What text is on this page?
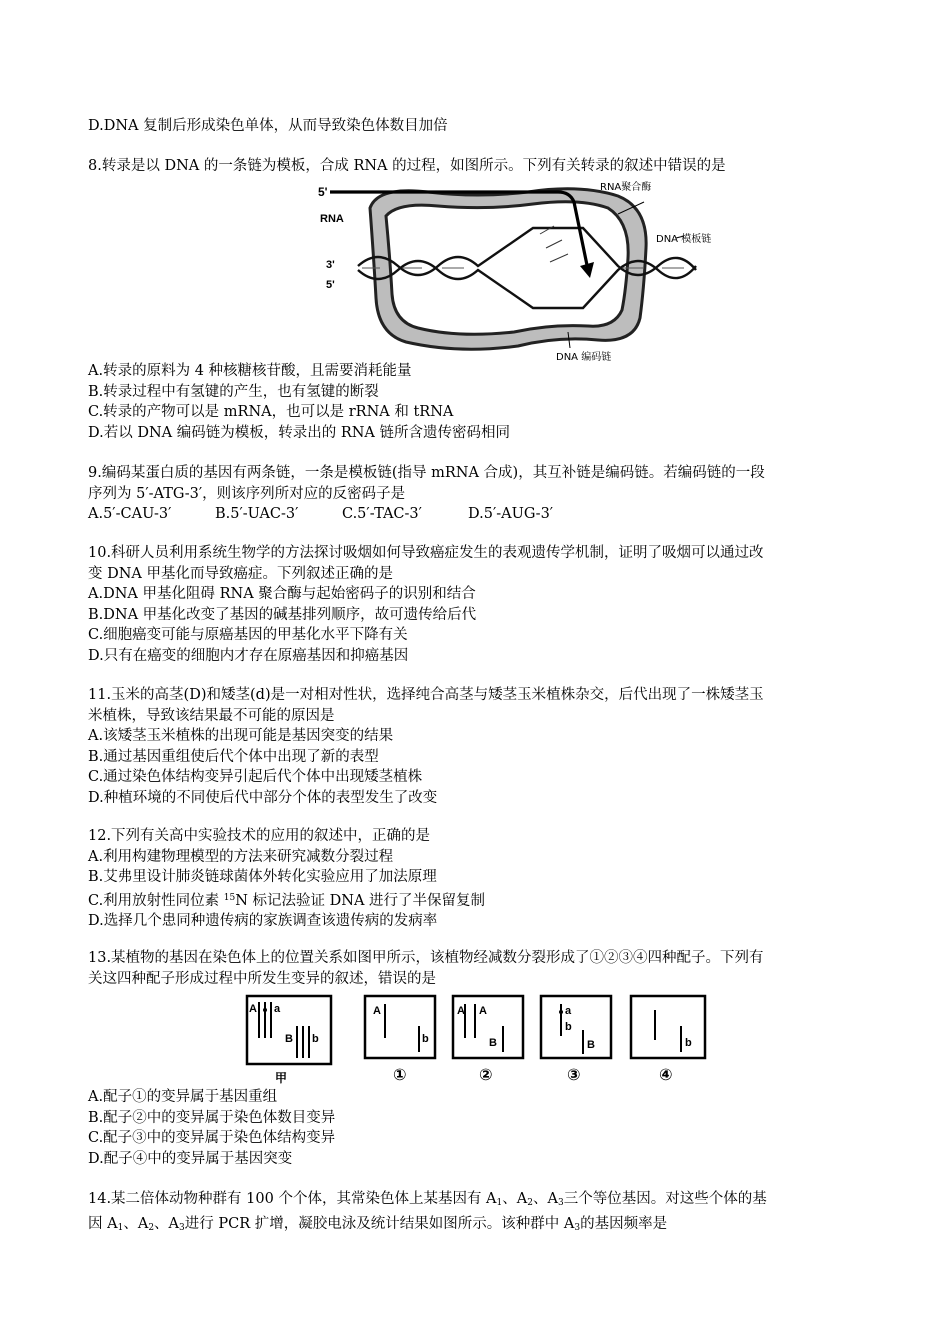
D.DNA 复制后形成染色单体，从而导致染色体数目加倍
8.转录是以 DNA 的一条链为模板，合成 RNA 的过程，如图所示。下列有关转录的叙述中错误的是
5'
RNA
3'
5'
RNA聚合酶
DNA 模板链
DNA 编码链
A.转录的原料为 4 种核糖核苷酸，且需要消耗能量
B.转录过程中有氢键的产生，也有氢键的断裂
C.转录的产物可以是 mRNA，也可以是 rRNA 和 tRNA
D.若以 DNA 编码链为模板，转录出的 RNA 链所含遗传密码相同
9.编码某蛋白质的基因有两条链，一条是模板链(指导 mRNA 合成)，其互补链是编码链。若编码链的一段
序列为 5′-ATG-3′，则该序列所对应的反密码子是
A.5′-CAU-3′	B.5′-UAC-3′	C.5′-TAC-3′	D.5′-AUG-3′
10.科研人员利用系统生物学的方法探讨吸烟如何导致癌症发生的表观遗传学机制，证明了吸烟可以通过改
变 DNA 甲基化而导致癌症。下列叙述正确的是
A.DNA 甲基化阻碍 RNA 聚合酶与起始密码子的识别和结合
B.DNA 甲基化改变了基因的碱基排列顺序，故可遗传给后代
C.细胞癌变可能与原癌基因的甲基化水平下降有关
D.只有在癌变的细胞内才存在原癌基因和抑癌基因
11.玉米的高茎(D)和矮茎(d)是一对相对性状，选择纯合高茎与矮茎玉米植株杂交，后代出现了一株矮茎玉
米植株，导致该结果最不可能的原因是
A.该矮茎玉米植株的出现可能是基因突变的结果
B.通过基因重组使后代个体中出现了新的表型
C.通过染色体结构变异引起后代个体中出现矮茎植株
D.种植环境的不同使后代中部分个体的表型发生了改变
12.下列有关高中实验技术的应用的叙述中，正确的是
A.利用构建物理模型的方法来研究减数分裂过程
B.艾弗里设计肺炎链球菌体外转化实验应用了加法原理
C.利用放射性同位素 $^{15}$N 标记法验证 DNA 进行了半保留复制
D.选择几个患同种遗传病的家族调查该遗传病的发病率
13.某植物的基因在染色体上的位置关系如图甲所示，该植物经减数分裂形成了①②③④四种配子。下列有
关这四种配子形成过程中所发生变异的叙述，错误的是
A a
B b
甲
A
b
①
A A
B
②
a
b
B
③
b
④
A.配子①的变异属于基因重组
B.配子②中的变异属于染色体数目变异
C.配子③中的变异属于染色体结构变异
D.配子④中的变异属于基因突变
14.某二倍体动物种群有 100 个个体，其常染色体上某基因有 $A_1$、$A_2$、$A_3$三个等位基因。对这些个体的基
因 $A_1$、$A_2$、$A_3$进行 PCR 扩增，凝胶电泳及统计结果如图所示。该种群中 $A_3$的基因频率是
